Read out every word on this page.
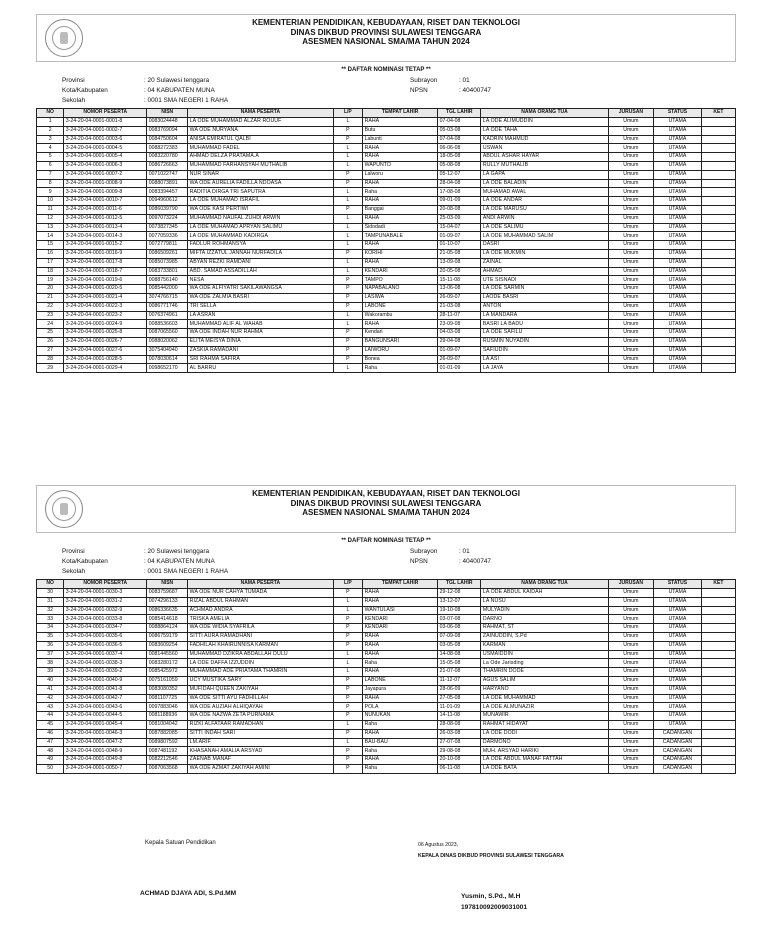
KEMENTERIAN PENDIDIKAN, KEBUDAYAAN, RISET DAN TEKNOLOGI
DINAS DIKBUD PROVINSI SULAWESI TENGGARA
ASESMEN NASIONAL SMA/MA TAHUN 2024
** DAFTAR NOMINASI TETAP **
Provinsi	: 20 Sulawesi tenggara
Kota/Kabupaten	: 04 KABUPATEN MUNA
Sekolah	: 0001 SMA NEGERI 1 RAHA
Subrayon	: 01
NPSN	: 40400747
NO	NOMOR PESERTA	NISN	NAMA PESERTA	L/P	TEMPAT LAHIR	TGL LAHIR	NAMA ORANG TUA	JURUSAN	STATUS	KET
1	3-24-20-04-0001-0001-8	0083024448	LA ODE MUHAMMAD ALZAR ROUUF	L	RAHA	07-04-08	LA ODE ALIMUDDIN	Umum	UTAMA	
2	3-24-20-04-0001-0002-7	0083769094	WA ODE NURYANA	P	Butu	05-03-08	LA ODE TAHA	Umum	UTAMA	
3	3-24-20-04-0001-0003-6	0084750604	ANISA EMIRATUL QALBI	P	Labunti	07-04-08	KADRIN MAHMUD	Umum	UTAMA	
4	3-24-20-04-0001-0004-5	0088272383	MUHAMMAD FADEL	L	RAHA	06-06-08	USWAN	Umum	UTAMA	
5	3-24-20-04-0001-0005-4	0083220780	AHMAD DELZA PRATAMA.A	L	RAHA	18-05-08	ABDUL ASHAR HAYAR	Umum	UTAMA	
6	3-24-20-04-0001-0006-3	0086726663	MUHAMMAD FARHANSYAH MUTHALIB	L	WAPUNTO	05-08-08	RULLY MUTHALIB	Umum	UTAMA	
7	3-24-20-04-0001-0007-2	0071022747	NUR SINAR	P	Lalworu	05-12-07	LA GAPA	Umum	UTAMA	
8	3-24-20-04-0001-0008-9	0088073891	WA ODE AURELIA FADILLA NDOASA	P	RAHA	28-04-08	LA ODE BALADIN	Umum	UTAMA	
9	3-24-20-04-0001-0009-8	0083394457	RADITIA DIRGA TRI SAPUTRA	L	Raha	17-08-08	MUHAMAD AWAL	Umum	UTAMA	
10	3-24-20-04-0001-0010-7	0094960612	LA ODE MUHAMAD ISRAFIL	L	RAHA	09-01-09	LA ODE ANDAR	Umum	UTAMA	
11	3-24-20-04-0001-0011-6	0086039790	WA ODE KASI PERTIWI	P	Banggai	20-08-08	LA ODE MARUSU	Umum	UTAMA	
12	3-24-20-04-0001-0012-5	0097073224	MUHAMMAD NAUFAL ZUHDI ARWIN	L	RAHA	25-03-09	ANDI ARWIN	Umum	UTAMA	
13	3-24-20-04-0001-0013-4	0073827345	LA ODE MUHAMAD APRYAN SALIMU	L	Sidodadi	15-04-07	LA ODE SALIMU	Umum	UTAMA	
14	3-24-20-04-0001-0014-3	0077059336	LA ODE MUHAMMAD KADIRGA	L	TAMPUNABALE	01-09-07	LA ODE MUHAMMAD SALIM	Umum	UTAMA	
15	3-24-20-04-0001-0015-2	0072779811	FADLUR ROHMANSYA	L	RAHA	01-10-07	DASRI	Umum	UTAMA	
16	3-24-20-04-0001-0016-9	0086509261	MIFTA IZZATUL JANNAH NURFADILA	P	KORIHI	21-05-08	LA ODE MUKMIN	Umum	UTAMA	
17	3-24-20-04-0001-0017-8	0085073985	ABYAN REZKI RAMDANI	L	RAHA	13-09-08	ZAINAL	Umum	UTAMA	
18	3-24-20-04-0001-0018-7	0083733801	ABD. SAMAD ASSADILLAH	L	KENDARI	20-05-08	AHMAD	Umum	UTAMA	
19	3-24-20-04-0001-0019-6	0088756140	NESA	P	TAMPO	15-11-08	UTE SISNADI	Umum	UTAMA	
20	3-24-20-04-0001-0020-5	0085442000	WA ODE ALFIYATRI SAKILAWANGSA	P	NAPABALANO	13-06-08	LA ODE SARMIN	Umum	UTAMA	
21	3-24-20-04-0001-0021-4	3074766715	WA ODE ZALMIA BASRI	P	LASIWA	26-09-07	LAODE BASRI	Umum	UTAMA	
22	3-24-20-04-0001-0022-3	0086771746	TRI SELLA	P	LABONE	21-03-08	ANTON	Umum	UTAMA	
23	3-24-20-04-0001-0023-2	0076374961	LA ASRAN	L	Wakorambu	28-11-07	LA MANDARA	Umum	UTAMA	
24	3-24-20-04-0001-0024-9	0088536603	MUHAMMAD ALIF AL WAHAB	L	RAHA	23-09-08	BASRI LA BADU	Umum	UTAMA	
25	3-24-20-04-0001-0025-8	0087065560	WA ODE INDAH NUR RAHMA	P	Kendari	04-03-08	LA ODE SAFILU	Umum	UTAMA	
26	3-24-20-04-0001-0026-7	0088020062	ELITA MEISYA DINIA	P	BANGUNSARI	29-04-08	RUSMIN NUYADIN	Umum	UTAMA	
27	3-24-20-04-0001-0027-6	3075404940	ZASKIA RAMADANI	P	LAIWORU	01-09-07	SAFIUDIN	Umum	UTAMA	
28	3-24-20-04-0001-0028-5	0078030614	SRI RAHMA SAFIRA	P	Bonea	26-09-07	LA ASI	Umum	UTAMA	
29	3-24-20-04-0001-0029-4	0098652170	AL BARRU	L	Raha	01-01-09	LA JAYA	Umum	UTAMA	
KEMENTERIAN PENDIDIKAN, KEBUDAYAAN, RISET DAN TEKNOLOGI
DINAS DIKBUD PROVINSI SULAWESI TENGGARA
ASESMEN NASIONAL SMA/MA TAHUN 2024
** DAFTAR NOMINASI TETAP **
Provinsi	: 20 Sulawesi tenggara
Kota/Kabupaten	: 04 KABUPATEN MUNA
Sekolah	: 0001 SMA NEGERI 1 RAHA
Subrayon	: 01
NPSN	: 40400747
NO	NOMOR PESERTA	NISN	NAMA PESERTA	L/P	TEMPAT LAHIR	TGL LAHIR	NAMA ORANG TUA	JURUSAN	STATUS	KET
30	3-24-20-04-0001-0030-3	0083759687	WA ODE NUR CAHYA TUMADA	P	RAHA	29-12-08	LA ODE ABDUL KAIDAH	Umum	UTAMA	
31	3-24-20-04-0001-0031-2	0074296133	RIZAL ABDUL RAHMAN	L	RAHA	13-12-07	LA NUSU	Umum	UTAMA	
32	3-24-20-04-0001-0032-9	0086336635	ACHMAD ANDRA	L	WANTULASI	19-10-08	MULYADIN	Umum	UTAMA	
33	3-24-20-04-0001-0033-8	0085414618	TRISKA AMELIA	P	KENDARI	03-07-08	DARNO	Umum	UTAMA	
34	3-24-20-04-0001-0034-7	0088864124	WA ODE WIDIA SYAFRILA	P	KENDARI	03-06-08	RAHMAT, ST	Umum	UTAMA	
35	3-24-20-04-0001-0035-6	0086759179	SITTI AURA RAMADHANI	P	RAHA	07-09-08	ZAINUDDIN, S.Pd	Umum	UTAMA	
36	3-24-20-04-0001-0036-5	0083609254	FADHILAH KHAIRUNNISA KARMAN	P	RAHA	03-05-08	KARMAN	Umum	UTAMA	
37	3-24-20-04-0001-0037-4	0081445560	MUHAMMAD DZIKRA ABDALLAH DULU	L	RAHA	14-08-08	USMAIDDIN	Umum	UTAMA	
38	3-24-20-04-0001-0038-3	0083280172	LA ODE DAFFA IZZUDDIN	L	Raha	15-05-08	La Ode Jarisding	Umum	UTAMA	
39	3-24-20-04-0001-0039-2	0085425972	MUHAMMAD ADE PRIATAMA THAMRIN	L	RAHA	21-07-08	THAMRIN DODE	Umum	UTAMA	
40	3-24-20-04-0001-0040-9	0075161059	UCY MUSTIKA SARY	P	LABONE	11-12-07	AGUS SALIM	Umum	UTAMA	
41	3-24-20-04-0001-0041-8	0083080352	MUFIDAH QUEEN ZAKIYAH	P	Jayapura	28-06-09	HARYANO	Umum	UTAMA	
42	3-24-20-04-0001-0042-7	0081107725	WA ODE SITTI AYU FADHILLAH	P	RAHA	27-05-08	LA ODE MUHAMMAD	Umum	UTAMA	
43	3-24-20-04-0001-0043-6	0097883046	WA ODE AUZIAH ALHIQAYAH	P	POLA	11-01-09	LA ODE ALMUNAZIR	Umum	UTAMA	
44	3-24-20-04-0001-0044-5	0081188936	WA ODE NAZWA ZETA PURNAMA	P	NUNUKAN	14-11-08	MUNAWIR	Umum	UTAMA	
45	3-24-20-04-0001-0045-4	0081004042	RIZKI ALFATAAR RAMADHAN	L	Raha	28-08-08	RAHMAT HIDAYAT	Umum	UTAMA	
46	3-24-20-04-0001-0046-3	0087882085	SITTI INDAH SARI	P	RAHA	26-03-08	LA ODE DODI	Umum	CADANGAN	
47	3-24-20-04-0001-0047-2	0089807592	LM.ARIF	L	BAU-BAU	27-07-08	DARMONO	Umum	CADANGAN	
48	3-24-20-04-0001-0048-9	0087481192	KHASANAH AMALIA ARSYAD	P	Raha	29-08-08	MUH. ARSYAD HARIKI	Umum	CADANGAN	
49	3-24-20-04-0001-0049-8	0082212546	ZAENAB MANAF	P	RAHA	20-10-08	LA ODE ABDUL MANAF FATTAH	Umum	CADANGAN	
50	3-24-20-04-0001-0050-7	0087063568	WA ODE AZMAT ZAKIYAH AMINI	P	Raha	06-11-08	LA ODE BATA	Umum	CADANGAN	
Kepala Satuan Pendidikan	06 Agustus 2023,
KEPALA DINAS DIKBUD PROVINSI SULAWESI TENGGARA
ACHMAD DJAYA ADI, S.Pd.MM	Yusmin, S.Pd., M.H
197810092009031001
